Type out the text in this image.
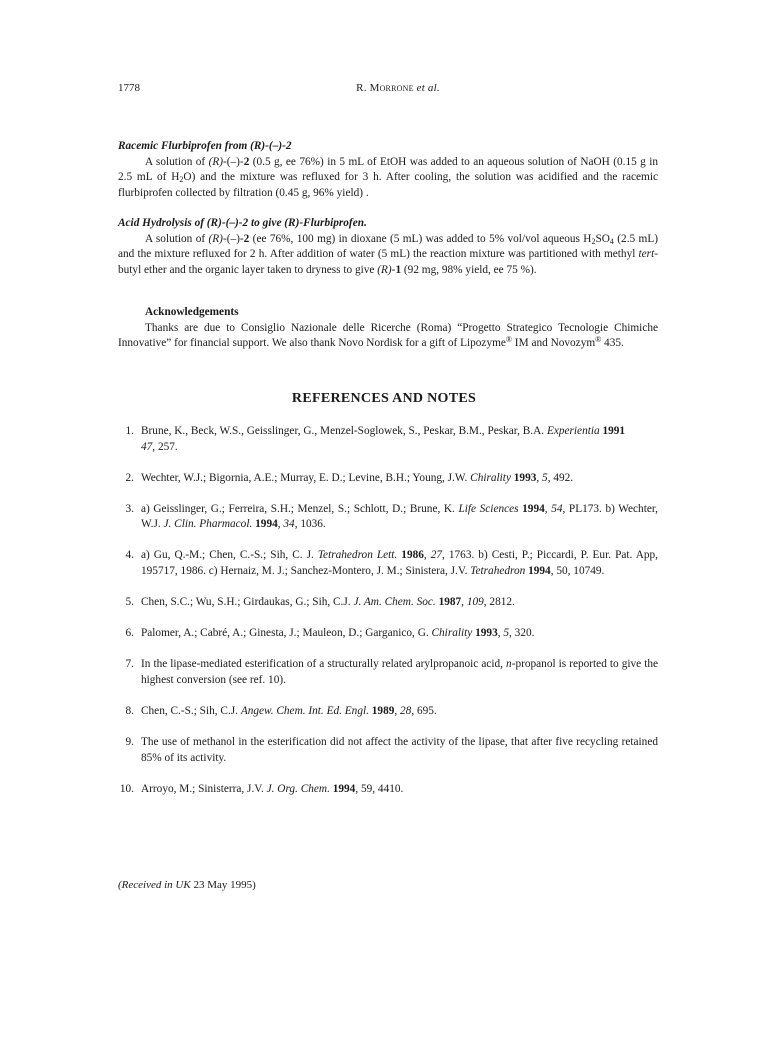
1778	R. Morrone et al.
Racemic Flurbiprofen from (R)-(–)-2
A solution of (R)-(–)-2 (0.5 g, ee 76%) in 5 mL of EtOH was added to an aqueous solution of NaOH (0.15 g in 2.5 mL of $H_2O$) and the mixture was refluxed for 3 h. After cooling, the solution was acidified and the racemic flurbiprofen collected by filtration (0.45 g, 96% yield) .
Acid Hydrolysis of (R)-(–)-2 to give (R)-Flurbiprofen.
A solution of (R)-(–)-2 (ee 76%, 100 mg) in dioxane (5 mL) was added to 5% vol/vol aqueous $H_2SO_4$ (2.5 mL) and the mixture refluxed for 2 h. After addition of water (5 mL) the reaction mixture was partitioned with methyl tert-butyl ether and the organic layer taken to dryness to give (R)-1 (92 mg, 98% yield, ee 75 %).
Acknowledgements
Thanks are due to Consiglio Nazionale delle Ricerche (Roma) “Progetto Strategico Tecnologie Chimiche Innovative” for financial support. We also thank Novo Nordisk for a gift of Lipozyme® IM and Novozym® 435.
REFERENCES AND NOTES
1. Brune, K., Beck, W.S., Geisslinger, G., Menzel-Soglowek, S., Peskar, B.M., Peskar, B.A. Experientia 1991
47, 257.
2. Wechter, W.J.; Bigornia, A.E.; Murray, E. D.; Levine, B.H.; Young, J.W. Chirality 1993, 5, 492.
3. a) Geisslinger, G.; Ferreira, S.H.; Menzel, S.; Schlott, D.; Brune, K. Life Sciences 1994, 54, PL173. b) Wechter, W.J. J. Clin. Pharmacol. 1994, 34, 1036.
4. a) Gu, Q.-M.; Chen, C.-S.; Sih, C. J. Tetrahedron Lett. 1986, 27, 1763. b) Cesti, P.; Piccardi, P. Eur. Pat. App, 195717, 1986. c) Hernaiz, M. J.; Sanchez-Montero, J. M.; Sinistera, J.V. Tetrahedron 1994, 50, 10749.
5. Chen, S.C.; Wu, S.H.; Girdaukas, G.; Sih, C.J. J. Am. Chem. Soc. 1987, 109, 2812.
6. Palomer, A.; Cabré, A.; Ginesta, J.; Mauleon, D.; Garganico, G. Chirality 1993, 5, 320.
7. In the lipase-mediated esterification of a structurally related arylpropanoic acid, n-propanol is reported to give the highest conversion (see ref. 10).
8. Chen, C.-S.; Sih, C.J. Angew. Chem. Int. Ed. Engl. 1989, 28, 695.
9. The use of methanol in the esterification did not affect the activity of the lipase, that after five recycling retained 85% of its activity.
10. Arroyo, M.; Sinisterra, J.V. J. Org. Chem. 1994, 59, 4410.
(Received in UK 23 May 1995)
